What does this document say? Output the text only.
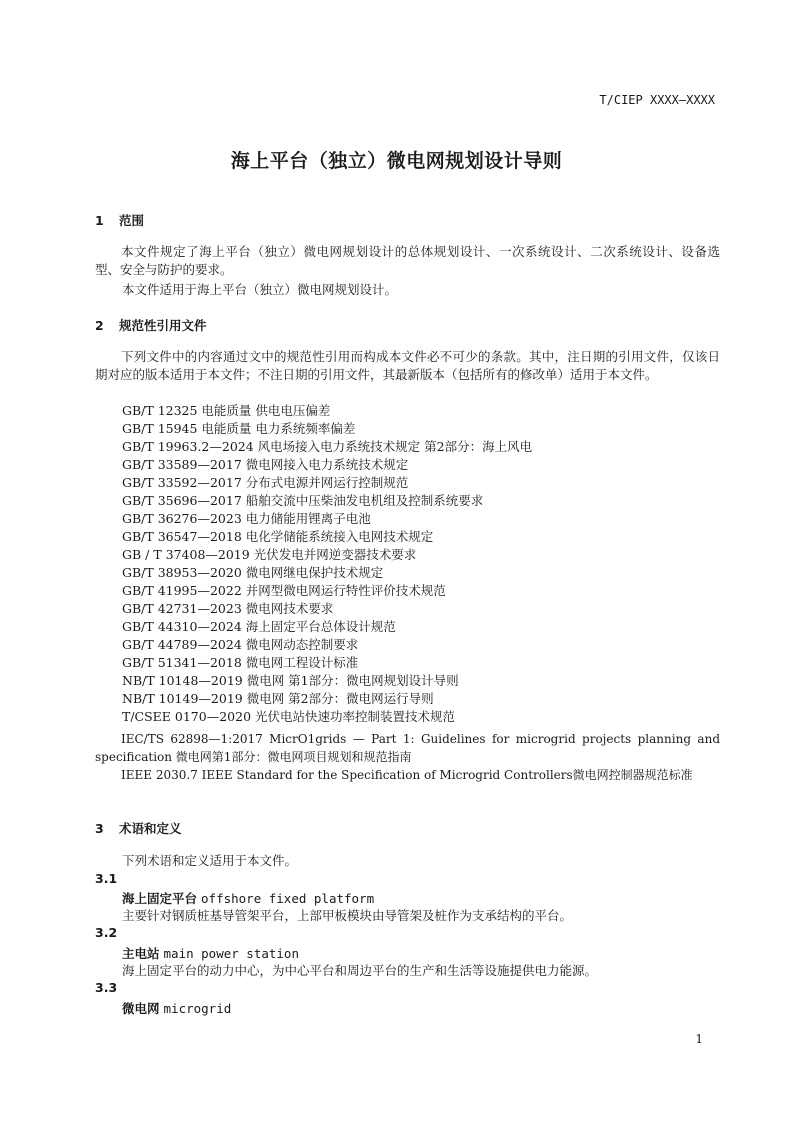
T/CIEP XXXX—XXXX
海上平台（独立）微电网规划设计导则
1 范围
本文件规定了海上平台（独立）微电网规划设计的总体规划设计、一次系统设计、二次系统设计、设备选型、安全与防护的要求。
本文件适用于海上平台（独立）微电网规划设计。
2 规范性引用文件
下列文件中的内容通过文中的规范性引用而构成本文件必不可少的条款。其中，注日期的引用文件，仅该日期对应的版本适用于本文件；不注日期的引用文件，其最新版本（包括所有的修改单）适用于本文件。
GB/T 12325 电能质量 供电电压偏差
GB/T 15945 电能质量 电力系统频率偏差
GB/T 19963.2—2024 风电场接入电力系统技术规定 第2部分：海上风电
GB/T 33589—2017 微电网接入电力系统技术规定
GB/T 33592—2017 分布式电源并网运行控制规范
GB/T 35696—2017 船舶交流中压柴油发电机组及控制系统要求
GB/T 36276—2023 电力储能用锂离子电池
GB/T 36547—2018 电化学储能系统接入电网技术规定
GB / T 37408—2019 光伏发电并网逆变器技术要求
GB/T 38953—2020 微电网继电保护技术规定
GB/T 41995—2022 并网型微电网运行特性评价技术规范
GB/T 42731—2023 微电网技术要求
GB/T 44310—2024 海上固定平台总体设计规范
GB/T 44789—2024 微电网动态控制要求
GB/T 51341—2018 微电网工程设计标准
NB/T 10148—2019 微电网 第1部分：微电网规划设计导则
NB/T 10149—2019 微电网 第2部分：微电网运行导则
T/CSEE 0170—2020 光伏电站快速功率控制装置技术规范
IEC/TS 62898—1:2017 MicrO1grids — Part 1: Guidelines for microgrid projects planning and specification 微电网第1部分：微电网项目规划和规范指南
IEEE 2030.7 IEEE Standard for the Specification of Microgrid Controllers微电网控制器规范标准
3 术语和定义
下列术语和定义适用于本文件。
3.1
海上固定平台 offshore fixed platform
主要针对钢质桩基导管架平台，上部甲板模块由导管架及桩作为支承结构的平台。
3.2
主电站 main power station
海上固定平台的动力中心，为中心平台和周边平台的生产和生活等设施提供电力能源。
3.3
微电网 microgrid
1
